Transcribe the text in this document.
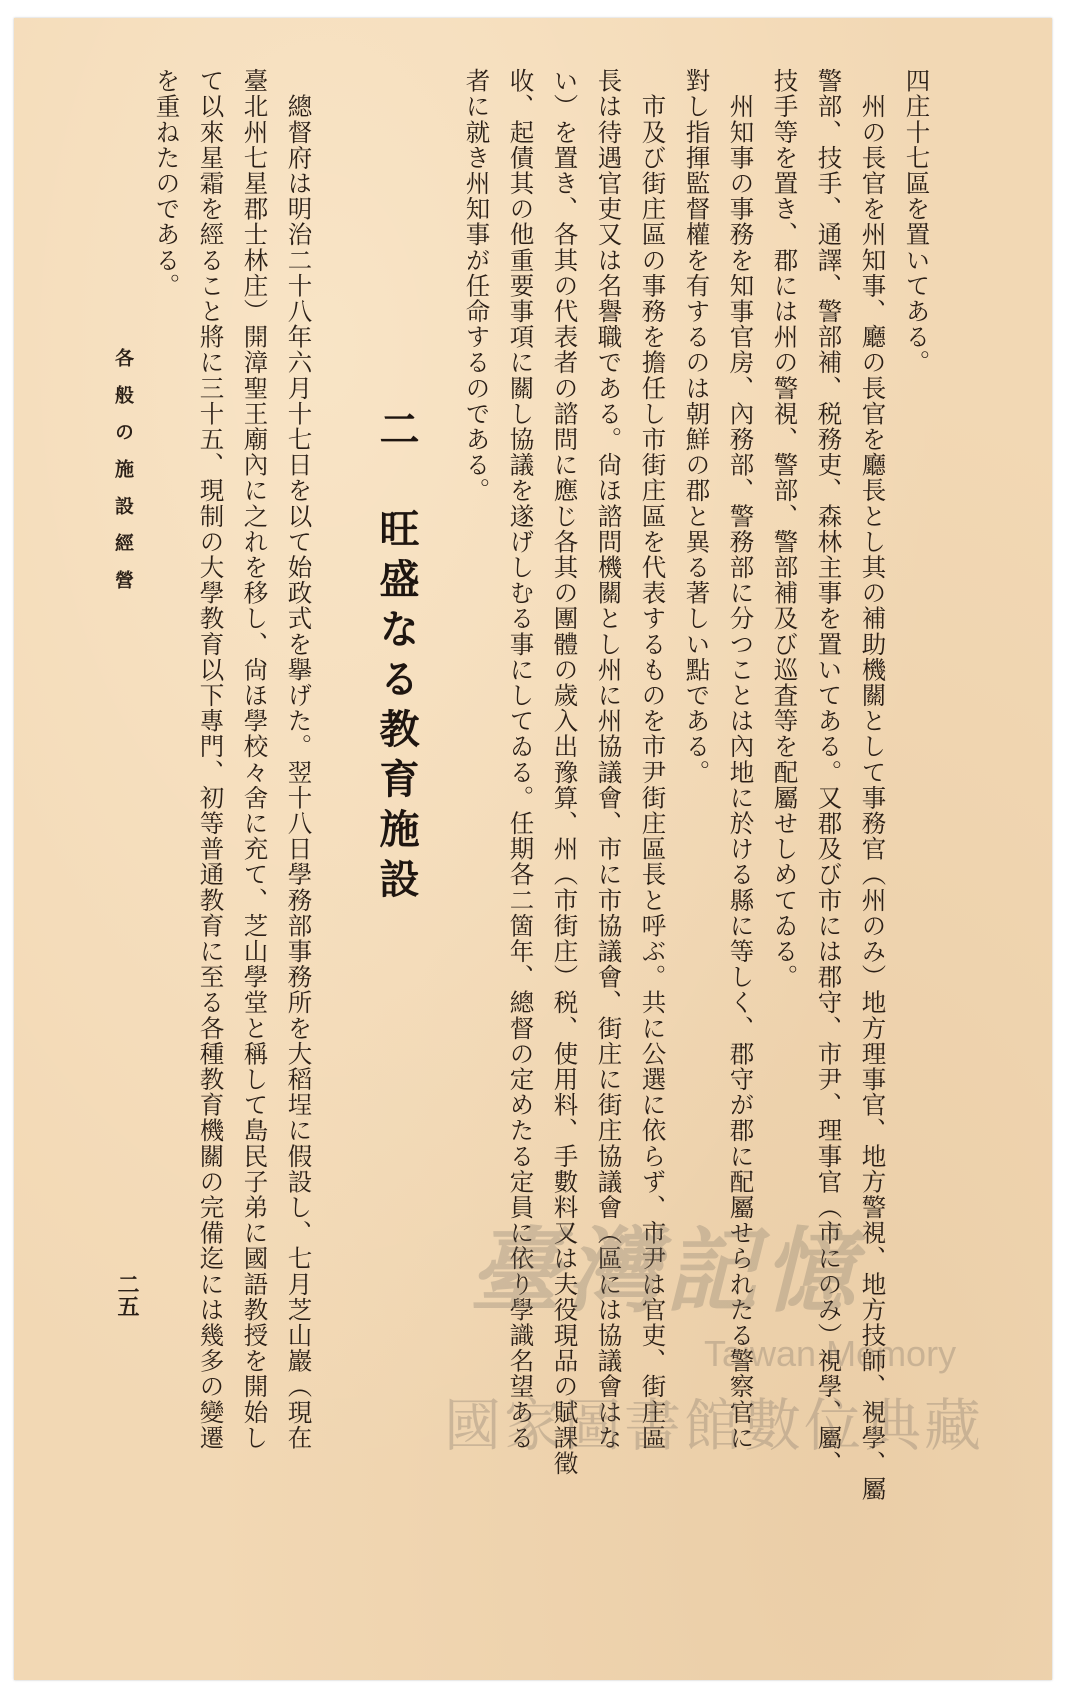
四庄十七區を置いてある。
　州の長官を州知事、廳の長官を廳長とし其の補助機關として事務官（州のみ）地方理事官、地方警視、地方技師、視學、屬
警部、技手、通譯、警部補、税務吏、森林主事を置いてある。又郡及び市には郡守、市尹、理事官（市にのみ）視學、屬、
技手等を置き、郡には州の警視、警部、警部補及び巡査等を配屬せしめてゐる。
　州知事の事務を知事官房、內務部、警務部に分つことは內地に於ける縣に等しく、郡守が郡に配屬せられたる警察官に
對し指揮監督權を有するのは朝鮮の郡と異る著しい點である。
　市及び街庄區の事務を擔任し市街庄區を代表するものを市尹街庄區長と呼ぶ。共に公選に依らず、市尹は官吏、街庄區
長は待遇官吏又は名譽職である。尙ほ諮問機關とし州に州協議會、市に市協議會、街庄に街庄協議會（區には協議會はな
い）を置き、各其の代表者の諮問に應じ各其の團體の歲入出豫算、州（市街庄）税、使用料、手數料又は夫役現品の賦課徵
收、起債其の他重要事項に關し協議を遂げしむる事にしてゐる。任期各二箇年、總督の定めたる定員に依り學識名望ある
者に就き州知事が任命するのである。
二　旺盛なる教育施設
　總督府は明治二十八年六月十七日を以て始政式を擧げた。翌十八日學務部事務所を大稻埕に假設し、七月芝山巖（現在
臺北州七星郡士林庄）開漳聖王廟內に之れを移し、尙ほ學校々舍に充て、芝山學堂と稱して島民子弟に國語教授を開始し
て以來星霜を經ること將に三十五、現制の大學教育以下專門、初等普通教育に至る各種教育機關の完備迄には幾多の變遷
を重ねたのである。
各般の施設經營
二五	臺灣記憶
Taiwan Memory
國家圖書館數位典藏
